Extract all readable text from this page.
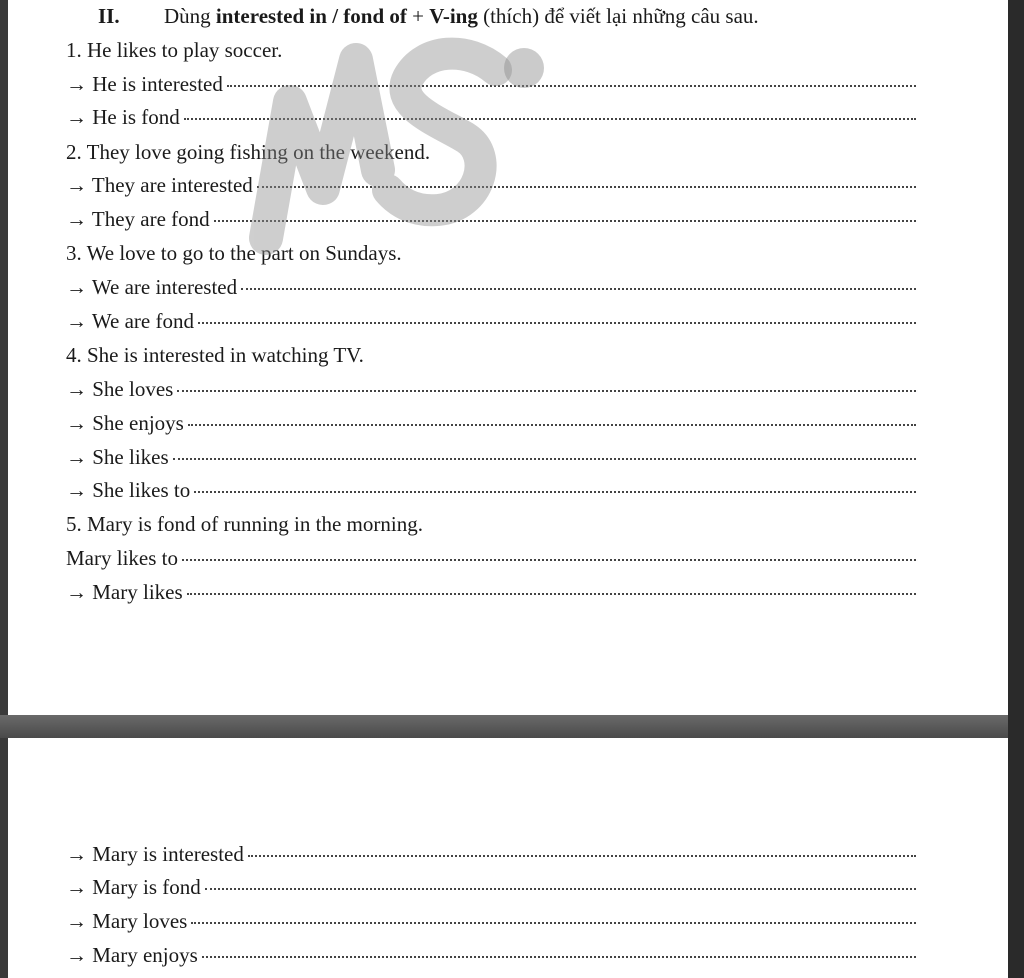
II. Dùng interested in / fond of + V-ing (thích) để viết lại những câu sau.
1. He likes to play soccer.
→ He is interested
→ He is fond
2. They love going fishing on the weekend.
→ They are interested
→ They are fond
3. We love to go to the part on Sundays.
→ We are interested
→ We are fond
4. She is interested in watching TV.
→ She loves
→ She enjoys
→ She likes
→ She likes to
5. Mary is fond of running in the morning.
Mary likes to
→ Mary likes
→ Mary is interested
→ Mary is fond
→ Mary loves
→ Mary enjoys
